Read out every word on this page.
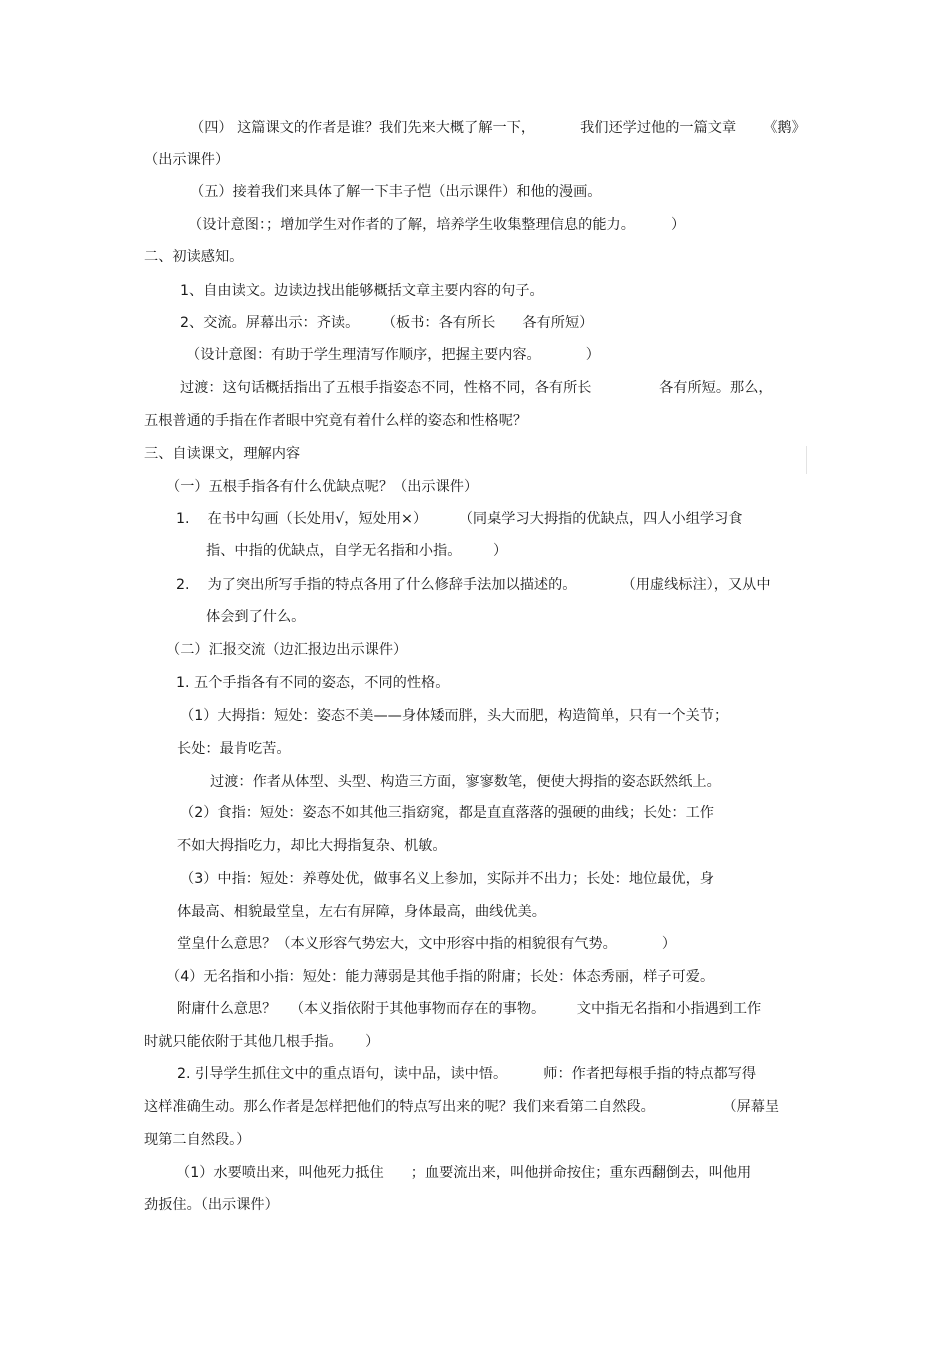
（四） 这篇课文的作者是谁？我们先来大概了解一下，          我们还学过他的一篇文章      《鹅》
（出示课件）
（五）接着我们来具体了解一下丰子恺（出示课件）和他的漫画。
（设计意图：；增加学生对作者的了解，培养学生收集整理信息的能力。        ）
二、初读感知。
1、自由读文。边读边找出能够概括文章主要内容的句子。
2、交流。屏幕出示：齐读。     （板书：各有所长      各有所短）
（设计意图：有助于学生理清写作顺序，把握主要内容。          ）
过渡：这句话概括指出了五根手指姿态不同，性格不同，各有所长               各有所短。那么，
五根普通的手指在作者眼中究竟有着什么样的姿态和性格呢？
三、自读课文，理解内容
（一）五根手指各有什么优缺点呢？（出示课件）
1.    在书中勾画（长处用√，短处用×）       （同桌学习大拇指的优缺点，四人小组学习食
指、中指的优缺点，自学无名指和小指。       ）
2.    为了突出所写手指的特点各用了什么修辞手法加以描述的。          （用虚线标注），又从中
体会到了什么。
（二）汇报交流（边汇报边出示课件）
1. 五个手指各有不同的姿态，不同的性格。
（1）大拇指：短处：姿态不美——身体矮而胖，头大而肥，构造简单，只有一个关节；
长处：最肯吃苦。
过渡：作者从体型、头型、构造三方面，寥寥数笔，便使大拇指的姿态跃然纸上。
（2）食指：短处：姿态不如其他三指窈窕，都是直直落落的强硬的曲线；长处：工作
不如大拇指吃力，却比大拇指复杂、机敏。
（3）中指：短处：养尊处优，做事名义上参加，实际并不出力；长处：地位最优，身
体最高、相貌最堂皇，左右有屏障，身体最高，曲线优美。
堂皇什么意思？（本义形容气势宏大，文中形容中指的相貌很有气势。          ）
（4）无名指和小指：短处：能力薄弱是其他手指的附庸；长处：体态秀丽，样子可爱。
附庸什么意思？   （本义指依附于其他事物而存在的事物。       文中指无名指和小指遇到工作
时就只能依附于其他几根手指。     ）
2. 引导学生抓住文中的重点语句，读中品，读中悟。        师：作者把每根手指的特点都写得
这样准确生动。那么作者是怎样把他们的特点写出来的呢？我们来看第二自然段。               （屏幕呈
现第二自然段。）
（1）水要喷出来，叫他死力抵住      ；血要流出来，叫他拼命按住；重东西翻倒去，叫他用
劲扳住。（出示课件）
